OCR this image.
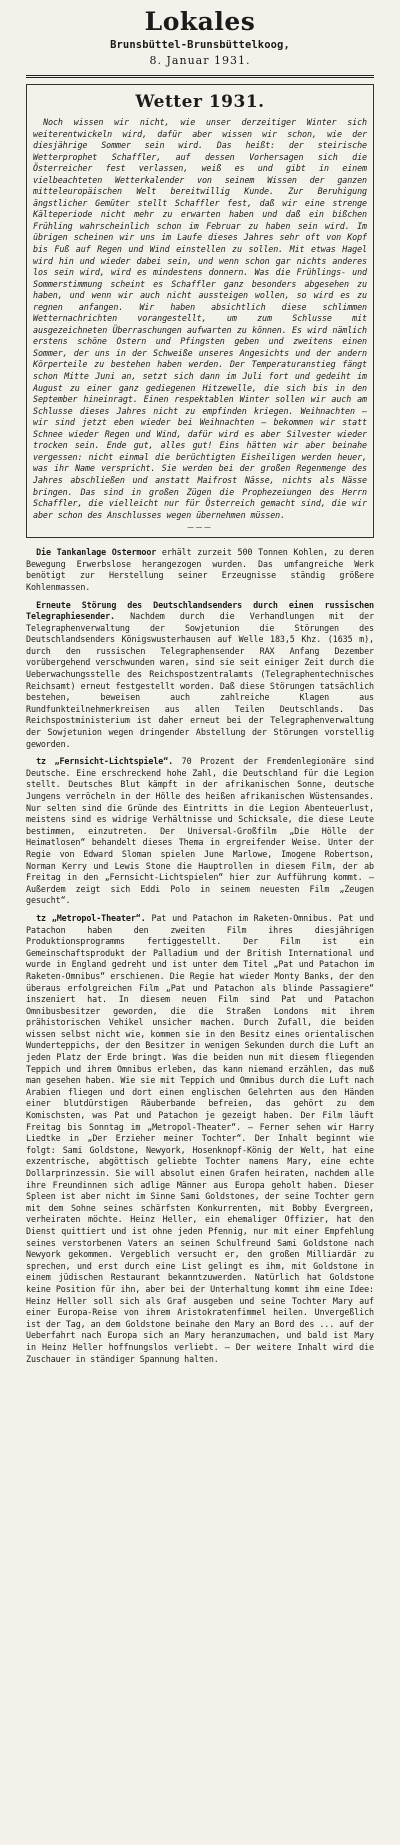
Lokales
Brunsbüttel-Brunsbüttelkoog,
8. Januar 1931.
Wetter 1931.

Noch wissen wir nicht, wie unser derzeitiger Winter sich weiterentwickeln wird, dafür aber wissen wir schon, wie der diesjährige Sommer sein wird. Das heißt: der steirische Wetterprophet Schaffler, auf dessen Vorhersagen sich die Österreicher fest verlassen, weiß es und gibt in einem vielbeachteten Wetterkalender von seinem Wissen der ganzen mitteleuropäischen Welt bereitwillig Kunde. Zur Beruhigung ängstlicher Gemüter stellt Schaffler fest, daß wir eine strenge Kälteperiode nicht mehr zu erwarten haben und daß ein bißchen Frühling wahrscheinlich schon im Februar zu haben sein wird. Im übrigen scheinen wir uns im Laufe dieses Jahres sehr oft von Kopf bis Fuß auf Regen und Wind einstellen zu sollen. Mit etwas Hagel wird hin und wieder dabei sein, und wenn schon gar nichts anderes los sein wird, wird es mindestens donnern. Was die Frühlings- und Sommerstimmung scheint es Schaffler ganz besonders abgesehen zu haben, und wenn wir auch nicht aussteigen wollen, so wird es zu regnen anfangen. Wir haben absichtlich diese schlimmen Wetternachrichten vorangestellt, um zum Schlusse mit ausgezeichneten Überraschungen aufwarten zu können. Es wird nämlich erstens schöne Ostern und Pfingsten geben und zweitens einen Sommer, der uns in der Schweiße unseres Angesichts und der andern Körperteile zu bestehen haben werden. Der Temperaturanstieg fängt schon Mitte Juni an, setzt sich dann im Juli fort und gedeiht im August zu einer ganz gediegenen Hitzewelle, die sich bis in den September hineinragt. Einen respektablen Winter sollen wir auch am Schlusse dieses Jahres nicht zu empfinden kriegen. Weihnachten — wir sind jetzt eben wieder bei Weihnachten — bekommen wir statt Schnee wieder Regen und Wind, dafür wird es aber Silvester wieder trocken sein. Ende gut, alles gut! Eins hätten wir aber beinahe vergessen: nicht einmal die berüchtigten Eisheiligen werden heuer, was ihr Name verspricht. Sie werden bei der großen Regenmenge des Jahres abschließen und anstatt Maifrost Nässe, nichts als Nässe bringen. Das sind in großen Zügen die Prophezeiungen des Herrn Schaffler, die vielleicht nur für Österreich gemacht sind, die wir aber schon des Anschlusses wegen übernehmen müssen.

⏤⏤⏤

Die Tankanlage Ostermoor erhält zurzeit 500 Tonnen Kohlen, zu deren Bewegung Erwerbslose herangezogen wurden. Das umfangreiche Werk benötigt zur Herstellung seiner Erzeugnisse ständig größere Kohlenmassen.

Erneute Störung des Deutschlandsenders durch einen russischen Telegraphiesender. Nachdem durch die Verhandlungen mit der Telegraphenverwaltung der Sowjetunion die Störungen des Deutschlandsenders Königswusterhausen auf Welle 183,5 Khz. (1635 m), durch den russischen Telegraphensender RAX Anfang Dezember vorübergehend verschwunden waren, sind sie seit einiger Zeit durch die Ueberwachungsstelle des Reichspostzentralamts (Telegraphentechnisches Reichsamt) erneut festgestellt worden. Daß diese Störungen tatsächlich bestehen, beweisen auch zahlreiche Klagen aus Rundfunkteilnehmerkreisen aus allen Teilen Deutschlands. Das Reichspostministerium ist daher erneut bei der Telegraphenverwaltung der Sowjetunion wegen dringender Abstellung der Störungen vorstellig geworden.

tz „Fernsicht-Lichtspiele“. 70 Prozent der Fremdenlegionäre sind Deutsche. Eine erschreckend hohe Zahl, die Deutschland für die Legion stellt. Deutsches Blut kämpft in der afrikanischen Sonne, deutsche Jungens verröcheln in der Hölle des heißen afrikanischen Wüstensandes. Nur selten sind die Gründe des Eintritts in die Legion Abenteuerlust, meistens sind es widrige Verhältnisse und Schicksale, die diese Leute bestimmen, einzutreten. Der Universal-Großfilm „Die Hölle der Heimatlosen“ behandelt dieses Thema in ergreifender Weise. Unter der Regie von Edward Sloman spielen June Marlowe, Imogene Robertson, Norman Kerry und Lewis Stone die Hauptrollen in diesem Film, der ab Freitag in den „Fernsicht-Lichtspielen“ hier zur Aufführung kommt. — Außerdem zeigt sich Eddi Polo in seinem neuesten Film „Zeugen gesucht“.

tz „Metropol-Theater“. Pat und Patachon im Raketen-Omnibus. Pat und Patachon haben den zweiten Film ihres diesjährigen Produktionsprogramms fertiggestellt. Der Film ist ein Gemeinschaftsprodukt der Palladium und der British International und wurde in England gedreht und ist unter dem Titel „Pat und Patachon im Raketen-Omnibus“ erschienen. Die Regie hat wieder Monty Banks, der den überaus erfolgreichen Film „Pat und Patachon als blinde Passagiere“ inszeniert hat. In diesem neuen Film sind Pat und Patachon Omnibusbesitzer geworden, die die Straßen Londons mit ihrem prähistorischen Vehikel unsicher machen. Durch Zufall, die beiden wissen selbst nicht wie, kommen sie in den Besitz eines orientalischen Wunderteppichs, der den Besitzer in wenigen Sekunden durch die Luft an jeden Platz der Erde bringt. Was die beiden nun mit diesem fliegenden Teppich und ihrem Omnibus erleben, das kann niemand erzählen, das muß man gesehen haben. Wie sie mit Teppich und Omnibus durch die Luft nach Arabien fliegen und dort einen englischen Gelehrten aus den Händen einer blutdürstigen Räuberbande befreien, das gehört zu dem Komischsten, was Pat und Patachon je gezeigt haben. Der Film läuft Freitag bis Sonntag im „Metropol-Theater“. — Ferner sehen wir Harry Liedtke in „Der Erzieher meiner Tochter“. Der Inhalt beginnt wie folgt: Sami Goldstone, Newyork, Hosenknopf-König der Welt, hat eine exzentrische, abgöttisch geliebte Tochter namens Mary, eine echte Dollarprinzessin. Sie will absolut einen Grafen heiraten, nachdem alle ihre Freundinnen sich adlige Männer aus Europa geholt haben. Dieser Spleen ist aber nicht im Sinne Sami Goldstones, der seine Tochter gern mit dem Sohne seines schärfsten Konkurrenten, mit Bobby Evergreen, verheiraten möchte. Heinz Heller, ein ehemaliger Offizier, hat den Dienst quittiert und ist ohne jeden Pfennig, nur mit einer Empfehlung seines verstorbenen Vaters an seinen Schulfreund Sami Goldstone nach Newyork gekommen. Vergeblich versucht er, den großen Milliardär zu sprechen, und erst durch eine List gelingt es ihm, mit Goldstone in einem jüdischen Restaurant bekanntzuwerden. Natürlich hat Goldstone keine Position für ihn, aber bei der Unterhaltung kommt ihm eine Idee: Heinz Heller soll sich als Graf ausgeben und seine Tochter Mary auf einer Europa-Reise von ihrem Aristokratenfimmel heilen. Unvergeßlich ist der Tag, an dem Goldstone beinahe den Mary an Bord des ... auf der Ueberfahrt nach Europa sich an Mary heranzumachen, und bald ist Mary in Heinz Heller hoffnungslos verliebt. — Der weitere Inhalt wird die Zuschauer in ständiger Spannung halten.
